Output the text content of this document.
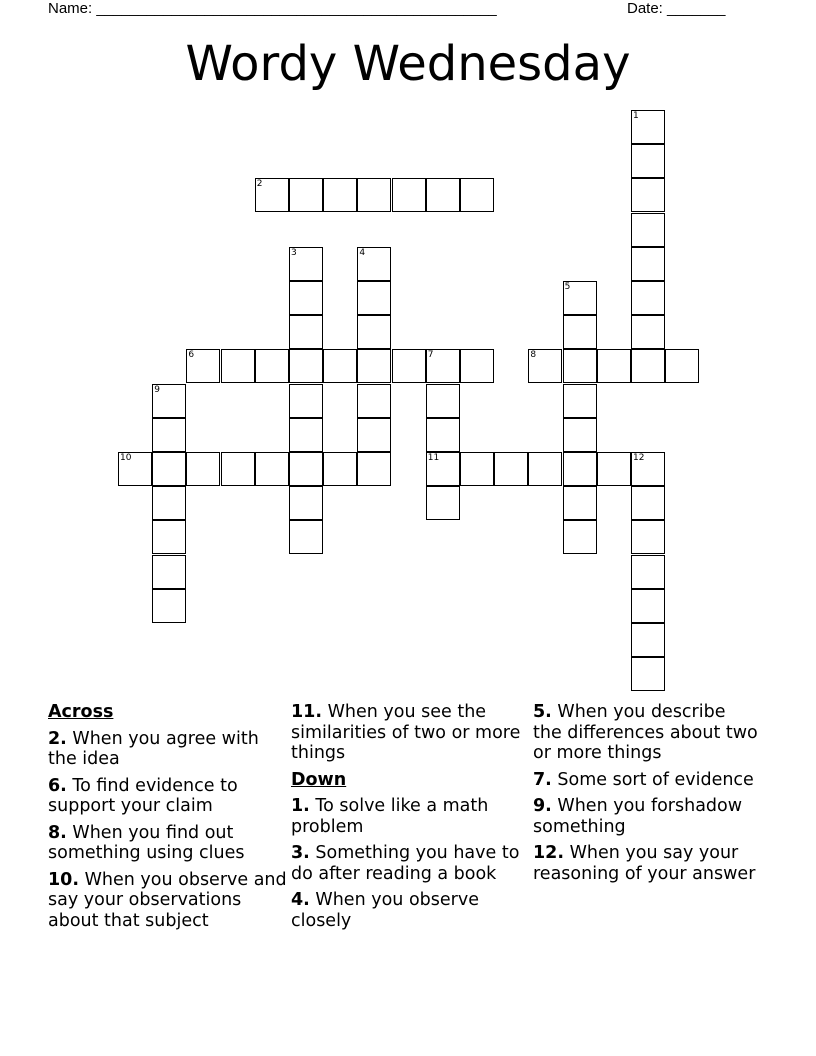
Name: ________________________________________________	Date: _______
Wordy Wednesday
1
2
3	4
5
6	7
11
8
9
10	12
Across
2. When you agree with the idea
6. To find evidence to support your claim
8. When you find out something using clues
10. When you observe and say your observations about that subject
11. When you see the similarities of two or more things
Down
1. To solve like a math problem
3. Something you have to do after reading a book
4. When you observe closely
5. When you describe the differences about two or more things
7. Some sort of evidence
9. When you forshadow something
12. When you say your reasoning of your answer
